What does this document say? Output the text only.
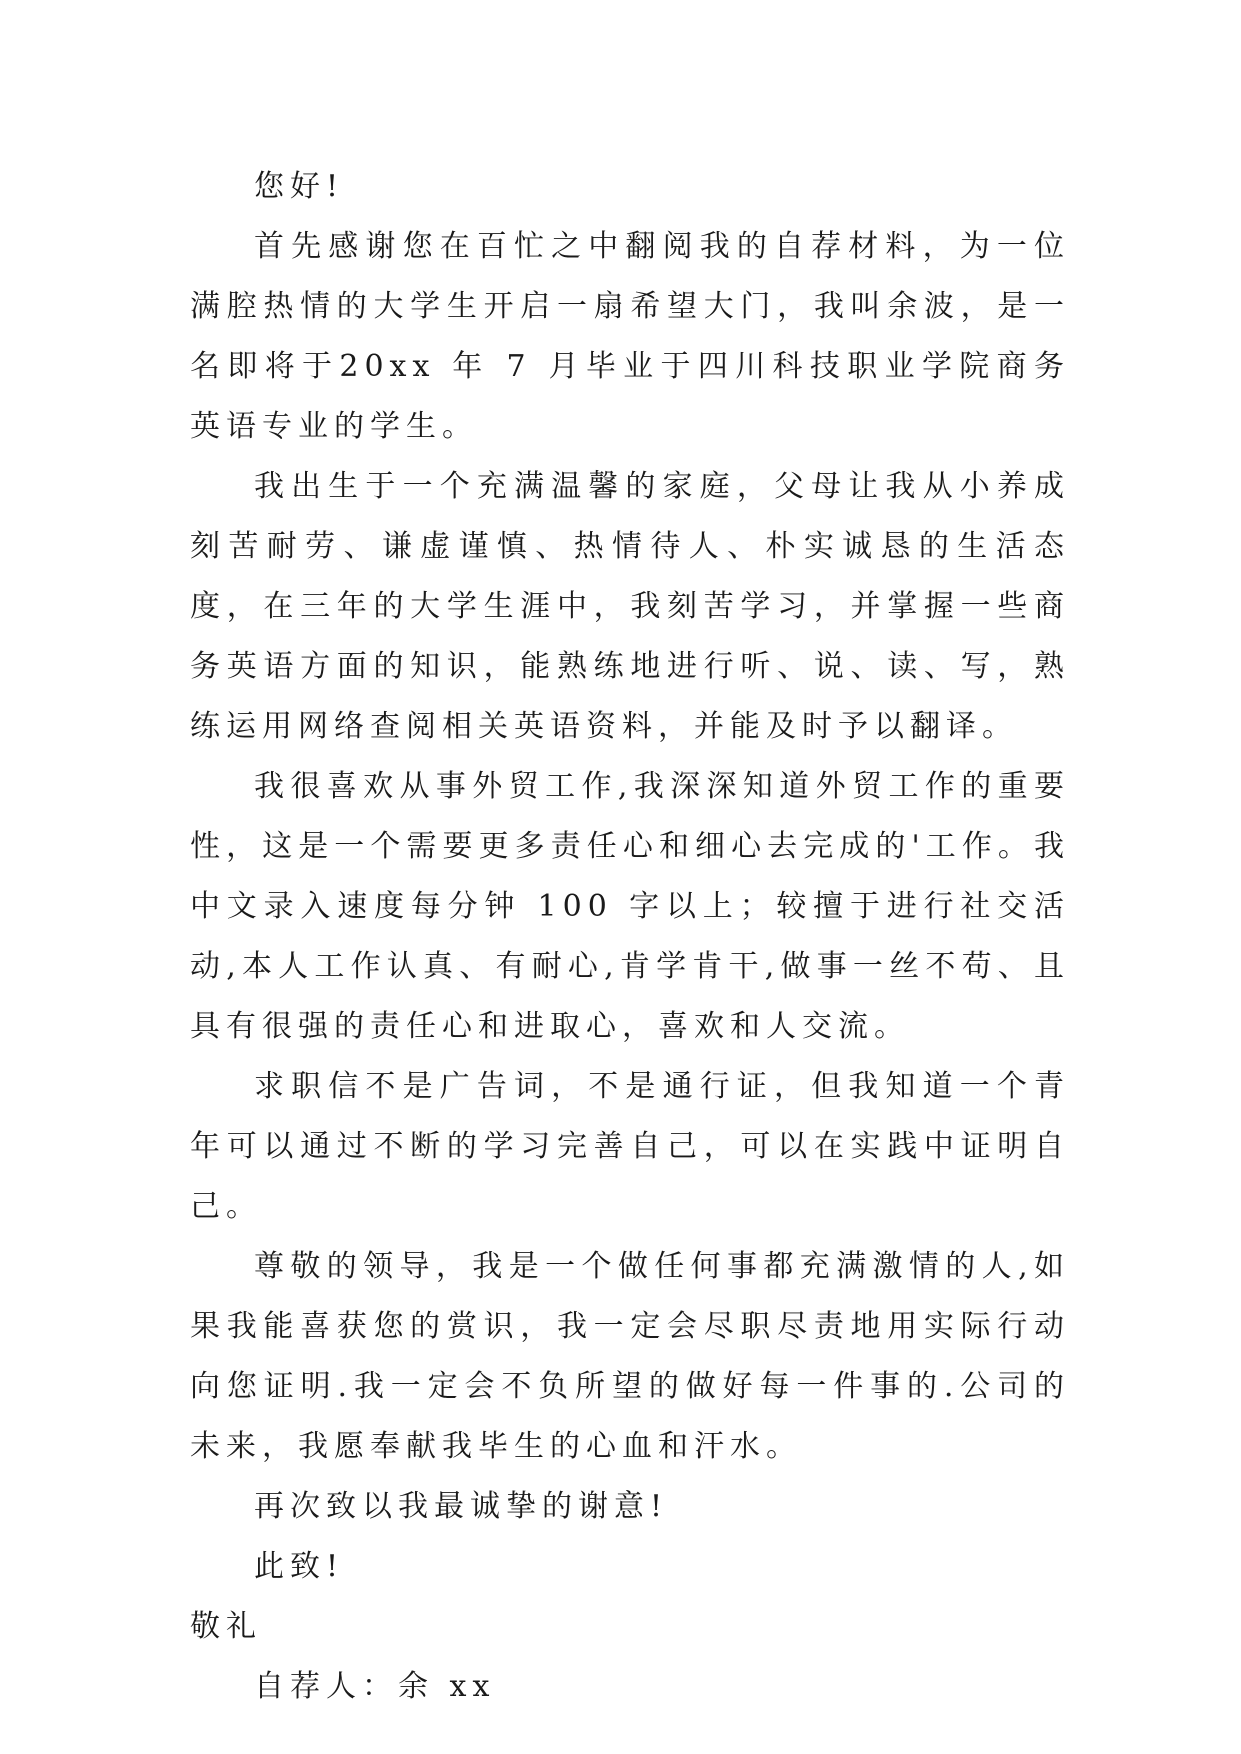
您好!

首先感谢您在百忙之中翻阅我的自荐材料，为一位满腔热情的大学生开启一扇希望大门，我叫余波，是一名即将于20xx 年 7 月毕业于四川科技职业学院商务英语专业的学生。

我出生于一个充满温馨的家庭，父母让我从小养成刻苦耐劳、谦虚谨慎、热情待人、朴实诚恳的生活态度，在三年的大学生涯中，我刻苦学习，并掌握一些商务英语方面的知识，能熟练地进行听、说、读、写，熟练运用网络查阅相关英语资料，并能及时予以翻译。

我很喜欢从事外贸工作,我深深知道外贸工作的重要性，这是一个需要更多责任心和细心去完成的'工作。我中文录入速度每分钟 100 字以上；较擅于进行社交活动,本人工作认真、有耐心,肯学肯干,做事一丝不苟、且具有很强的责任心和进取心，喜欢和人交流。

求职信不是广告词，不是通行证，但我知道一个青年可以通过不断的学习完善自己，可以在实践中证明自己。

尊敬的领导，我是一个做任何事都充满激情的人,如果我能喜获您的赏识，我一定会尽职尽责地用实际行动向您证明.我一定会不负所望的做好每一件事的.公司的未来，我愿奉献我毕生的心血和汗水。

再次致以我最诚挚的谢意!

此致!

敬礼

自荐人：余 xx
